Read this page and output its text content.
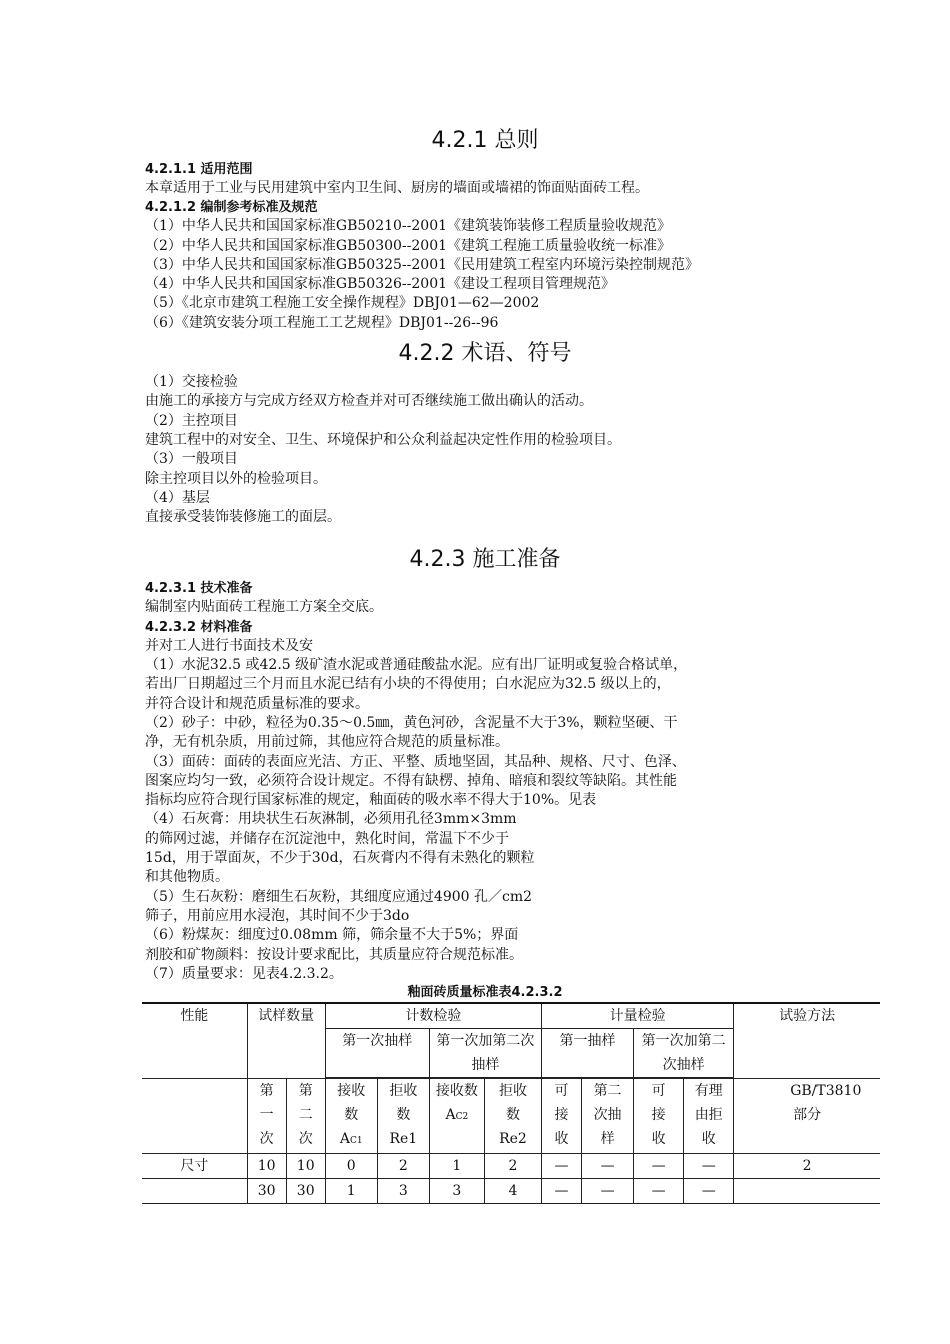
4.2.1 总则
4.2.1.1 适用范围
本章适用于工业与民用建筑中室内卫生间、厨房的墙面或墙裙的饰面贴面砖工程。
4.2.1.2 编制参考标准及规范
（1）中华人民共和国国家标准GB50210--2001《建筑装饰装修工程质量验收规范》
（2）中华人民共和国国家标准GB50300--2001《建筑工程施工质量验收统一标准》
（3）中华人民共和国国家标准GB50325--2001《民用建筑工程室内环境污染控制规范》
（4）中华人民共和国国家标准GB50326--2001《建设工程项目管理规范》
（5）《北京市建筑工程施工安全操作规程》DBJ01—62—2002
（6）《建筑安装分项工程施工工艺规程》DBJ01--26--96
4.2.2 术语、符号
（1）交接检验
由施工的承接方与完成方经双方检查并对可否继续施工做出确认的活动。
（2）主控项目
建筑工程中的对安全、卫生、环境保护和公众利益起决定性作用的检验项目。
（3）一般项目
除主控项目以外的检验项目。
（4）基层
直接承受装饰装修施工的面层。
4.2.3 施工准备
4.2.3.1 技术准备
编制室内贴面砖工程施工方案全交底。
4.2.3.2 材料准备
并对工人进行书面技术及安
（1）水泥32.5 或42.5 级矿渣水泥或普通硅酸盐水泥。应有出厂证明或复验合格试单，
若出厂日期超过三个月而且水泥已结有小块的不得使用；白水泥应为32.5 级以上的，
并符合设计和规范质量标准的要求。
（2）砂子：中砂，粒径为0.35～0.5㎜，黄色河砂，含泥量不大于3%，颗粒坚硬、干
净，无有机杂质，用前过筛，其他应符合规范的质量标准。
（3）面砖：面砖的表面应光洁、方正、平整、质地坚固，其品种、规格、尺寸、色泽、
图案应均匀一致，必须符合设计规定。不得有缺楞、掉角、暗痕和裂纹等缺陷。其性能
指标均应符合现行国家标准的规定，釉面砖的吸水率不得大于10%。见表
（4）石灰膏：用块状生石灰淋制，必须用孔径3mm×3mm
的筛网过滤，并储存在沉淀池中，熟化时间，常温下不少于
15d，用于罩面灰，不少于30d，石灰膏内不得有未熟化的颗粒
和其他物质。
（5）生石灰粉：磨细生石灰粉，其细度应通过4900 孔／cm2
筛子，用前应用水浸泡，其时间不少于3do
（6）粉煤灰：细度过0.08mm 筛，筛余量不大于5%；界面
剂胶和矿物颜料：按设计要求配比，其质量应符合规范标准。
（7）质量要求：见表4.2.3.2。
釉面砖质量标准表4.2.3.2
性能	试样数量		计数检验				计量检验				试验方法
			第一次抽样		第一次加第二次抽样		第一抽样		第一次加第二次抽样		

	第一次	第二次	接收数AC1	拒收数Re1	接收数AC2	拒收数Re2	可接收	第二次抽样	可接收	有理由拒收	GB/T3810部分
尺寸	10	10	0	2	1	2	—	—	—	—	2
	30	30	1	3	3	4	—	—	—	—	
